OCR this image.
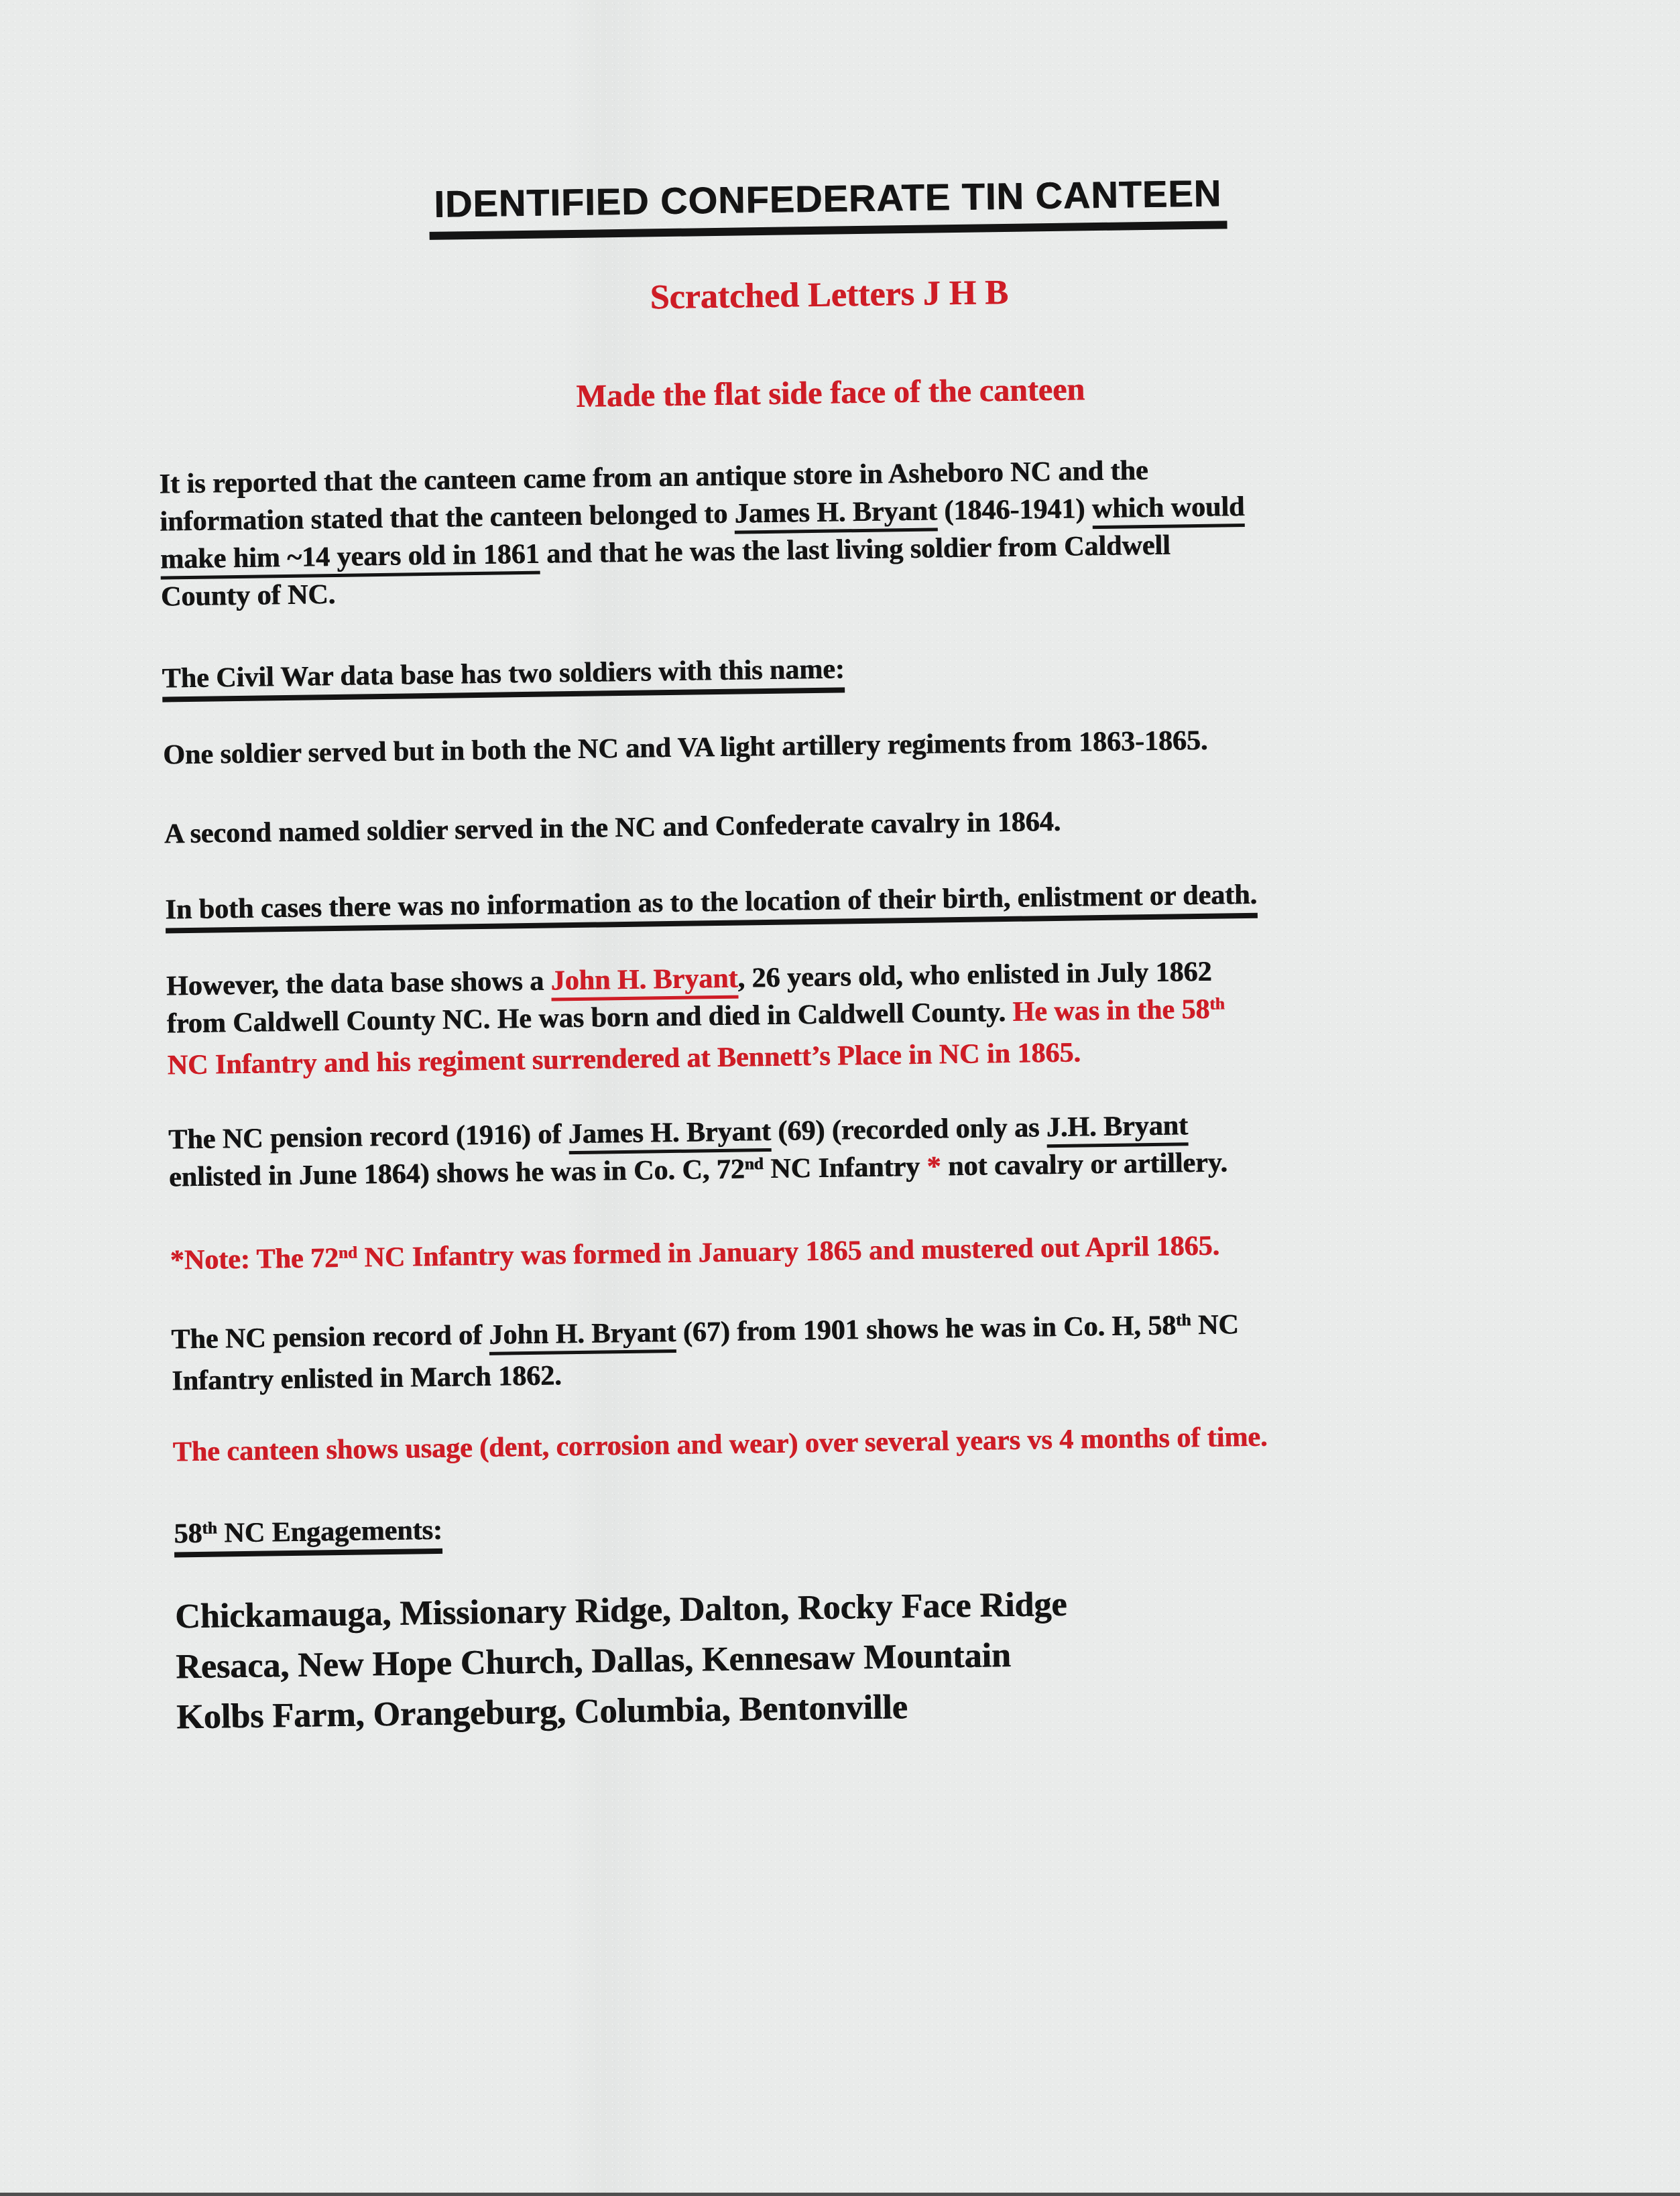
IDENTIFIED CONFEDERATE TIN CANTEEN
Scratched Letters J H B
Made the flat side face of the canteen
It is reported that the canteen came from an antique store in Asheboro NC and the
information stated that the canteen belonged to James H. Bryant (1846-1941) which would
make him ~14 years old in 1861 and that he was the last living soldier from Caldwell
County of NC.
The Civil War data base has two soldiers with this name:
One soldier served but in both the NC and VA light artillery regiments from 1863-1865.
A second named soldier served in the NC and Confederate cavalry in 1864.
In both cases there was no information as to the location of their birth, enlistment or death.
However, the data base shows a John H. Bryant, 26 years old, who enlisted in July 1862
from Caldwell County NC. He was born and died in Caldwell County. He was in the 58th
NC Infantry and his regiment surrendered at Bennett’s Place in NC in 1865.
The NC pension record (1916) of James H. Bryant (69) (recorded only as J.H. Bryant
enlisted in June 1864) shows he was in Co. C, 72nd NC Infantry * not cavalry or artillery.
*Note: The 72nd NC Infantry was formed in January 1865 and mustered out April 1865.
The NC pension record of John H. Bryant (67) from 1901 shows he was in Co. H, 58th NC
Infantry enlisted in March 1862.
The canteen shows usage (dent, corrosion and wear) over several years vs 4 months of time.
58th NC Engagements:
Chickamauga, Missionary Ridge, Dalton, Rocky Face Ridge
Resaca, New Hope Church, Dallas, Kennesaw Mountain
Kolbs Farm, Orangeburg, Columbia, Bentonville
